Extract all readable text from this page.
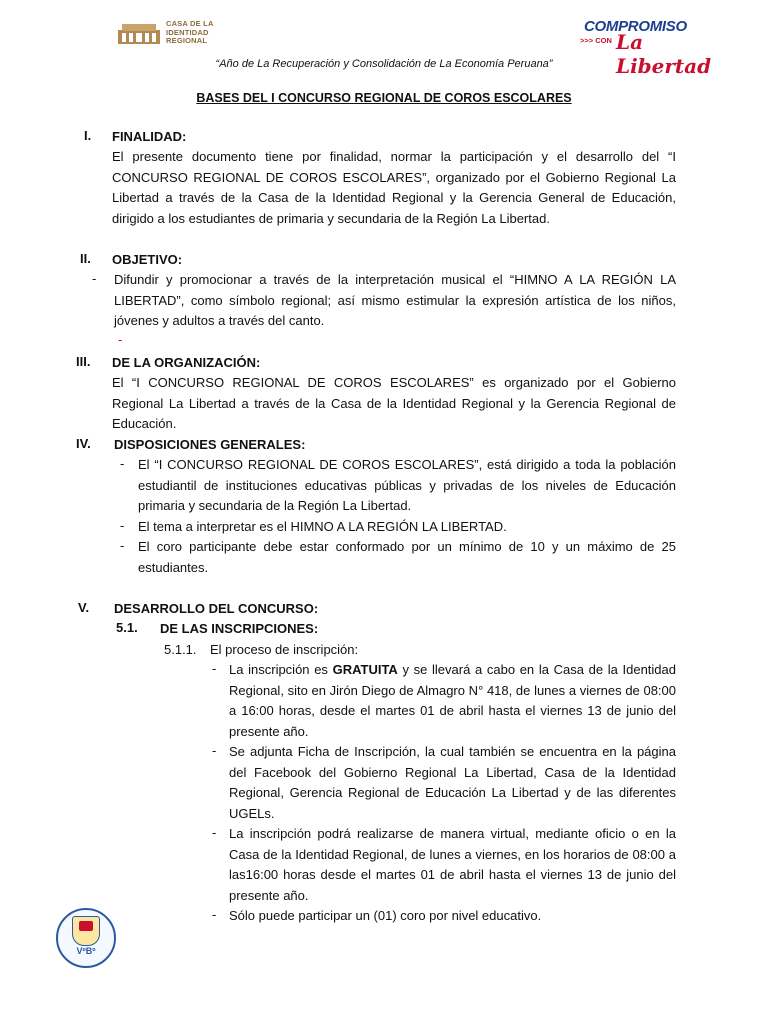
CASA DE LA
IDENTIDAD
REGIONAL
COMPROMISO
>>> CON La Libertad
“Año de La Recuperación y Consolidación de La Economía Peruana”
BASES DEL I CONCURSO REGIONAL DE COROS ESCOLARES
I. FINALIDAD:
El presente documento tiene por finalidad, normar la participación y el desarrollo del “I CONCURSO REGIONAL DE COROS ESCOLARES”, organizado por el Gobierno Regional La Libertad a través de la Casa de la Identidad Regional y la Gerencia General de Educación, dirigido a los estudiantes de primaria y secundaria de la Región La Libertad.
II. OBJETIVO:
- Difundir y promocionar a través de la interpretación musical el “HIMNO A LA REGIÓN LA LIBERTAD”, como símbolo regional; así mismo estimular la expresión artística de los niños, jóvenes y adultos a través del canto.
-
III. DE LA ORGANIZACIÓN:
El “I CONCURSO REGIONAL DE COROS ESCOLARES” es organizado por el Gobierno Regional La Libertad a través de la Casa de la Identidad Regional y la Gerencia Regional de Educación.
IV. DISPOSICIONES GENERALES:
- El “I CONCURSO REGIONAL DE COROS ESCOLARES”, está dirigido a toda la población estudiantil de instituciones educativas públicas y privadas de los niveles de Educación primaria y secundaria de la Región La Libertad.
- El tema a interpretar es el HIMNO A LA REGIÓN LA LIBERTAD.
- El coro participante debe estar conformado por un mínimo de 10 y un máximo de 25 estudiantes.
V. DESARROLLO DEL CONCURSO:
5.1. DE LAS INSCRIPCIONES:
5.1.1. El proceso de inscripción:
- La inscripción es GRATUITA y se llevará a cabo en la Casa de la Identidad Regional, sito en Jirón Diego de Almagro N° 418, de lunes a viernes de 08:00 a 16:00 horas, desde el martes 01 de abril hasta el viernes 13 de junio del presente año.
- Se adjunta Ficha de Inscripción, la cual también se encuentra en la página del Facebook del Gobierno Regional La Libertad, Casa de la Identidad Regional, Gerencia Regional de Educación La Libertad y de las diferentes UGELs.
- La inscripción podrá realizarse de manera virtual, mediante oficio o en la Casa de la Identidad Regional, de lunes a viernes, en los horarios de 08:00 a las16:00 horas desde el martes 01 de abril hasta el viernes 13 de junio del presente año.
- Sólo puede participar un (01) coro por nivel educativo.
VºBº
